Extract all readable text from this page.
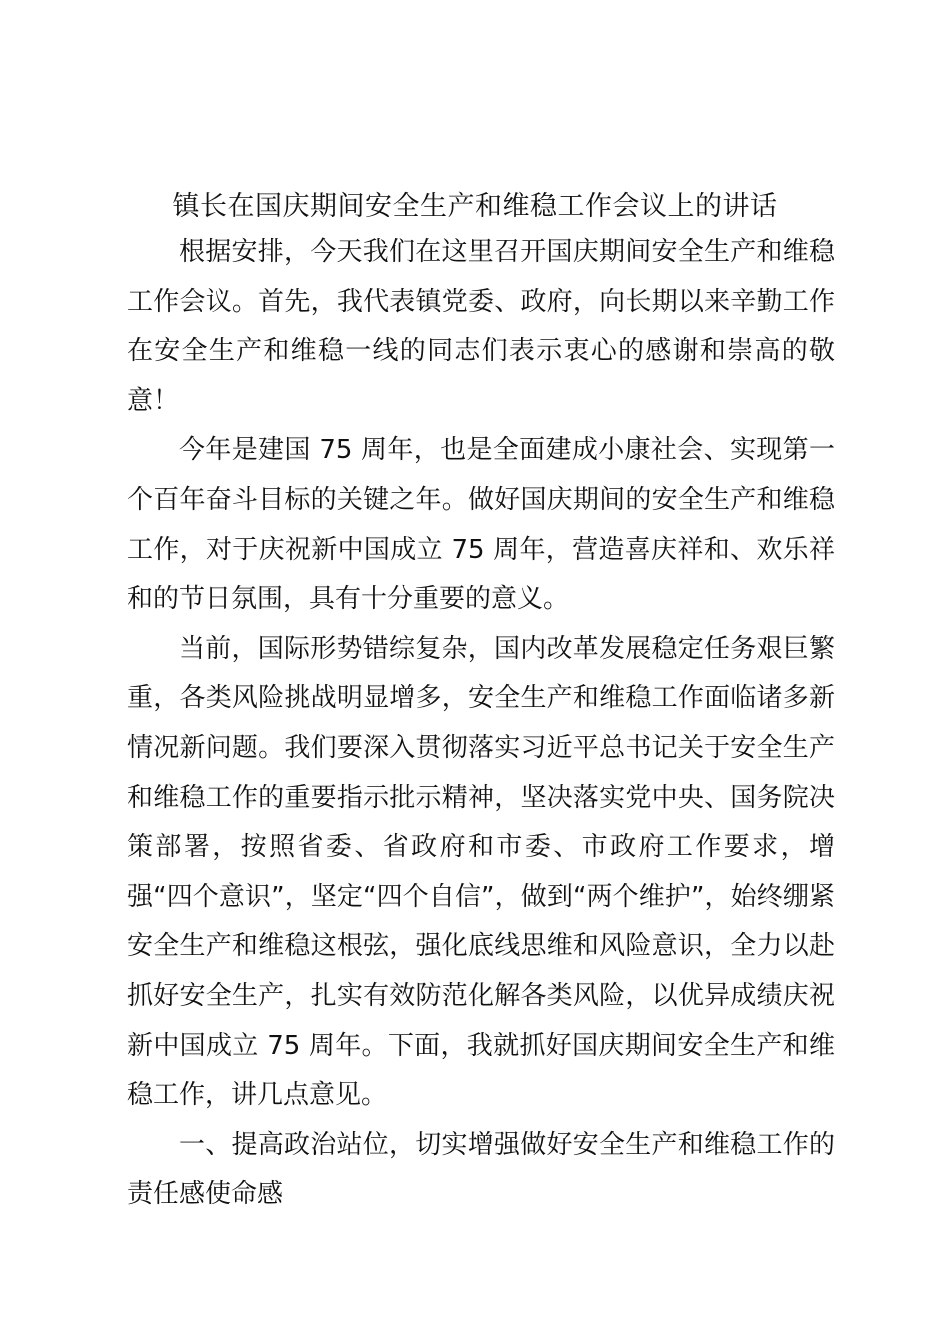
镇长在国庆期间安全生产和维稳工作会议上的讲话

根据安排，今天我们在这里召开国庆期间安全生产和维稳工作会议。首先，我代表镇党委、政府，向长期以来辛勤工作在安全生产和维稳一线的同志们表示衷心的感谢和崇高的敬意！

今年是建国 75 周年，也是全面建成小康社会、实现第一个百年奋斗目标的关键之年。做好国庆期间的安全生产和维稳工作，对于庆祝新中国成立 75 周年，营造喜庆祥和、欢乐祥和的节日氛围，具有十分重要的意义。

当前，国际形势错综复杂，国内改革发展稳定任务艰巨繁重，各类风险挑战明显增多，安全生产和维稳工作面临诸多新情况新问题。我们要深入贯彻落实习近平总书记关于安全生产和维稳工作的重要指示批示精神，坚决落实党中央、国务院决策部署，按照省委、省政府和市委、市政府工作要求，增强“四个意识”，坚定“四个自信”，做到“两个维护”，始终绷紧安全生产和维稳这根弦，强化底线思维和风险意识，全力以赴抓好安全生产，扎实有效防范化解各类风险，以优异成绩庆祝新中国成立 75 周年。下面，我就抓好国庆期间安全生产和维稳工作，讲几点意见。

一、提高政治站位，切实增强做好安全生产和维稳工作的责任感使命感
